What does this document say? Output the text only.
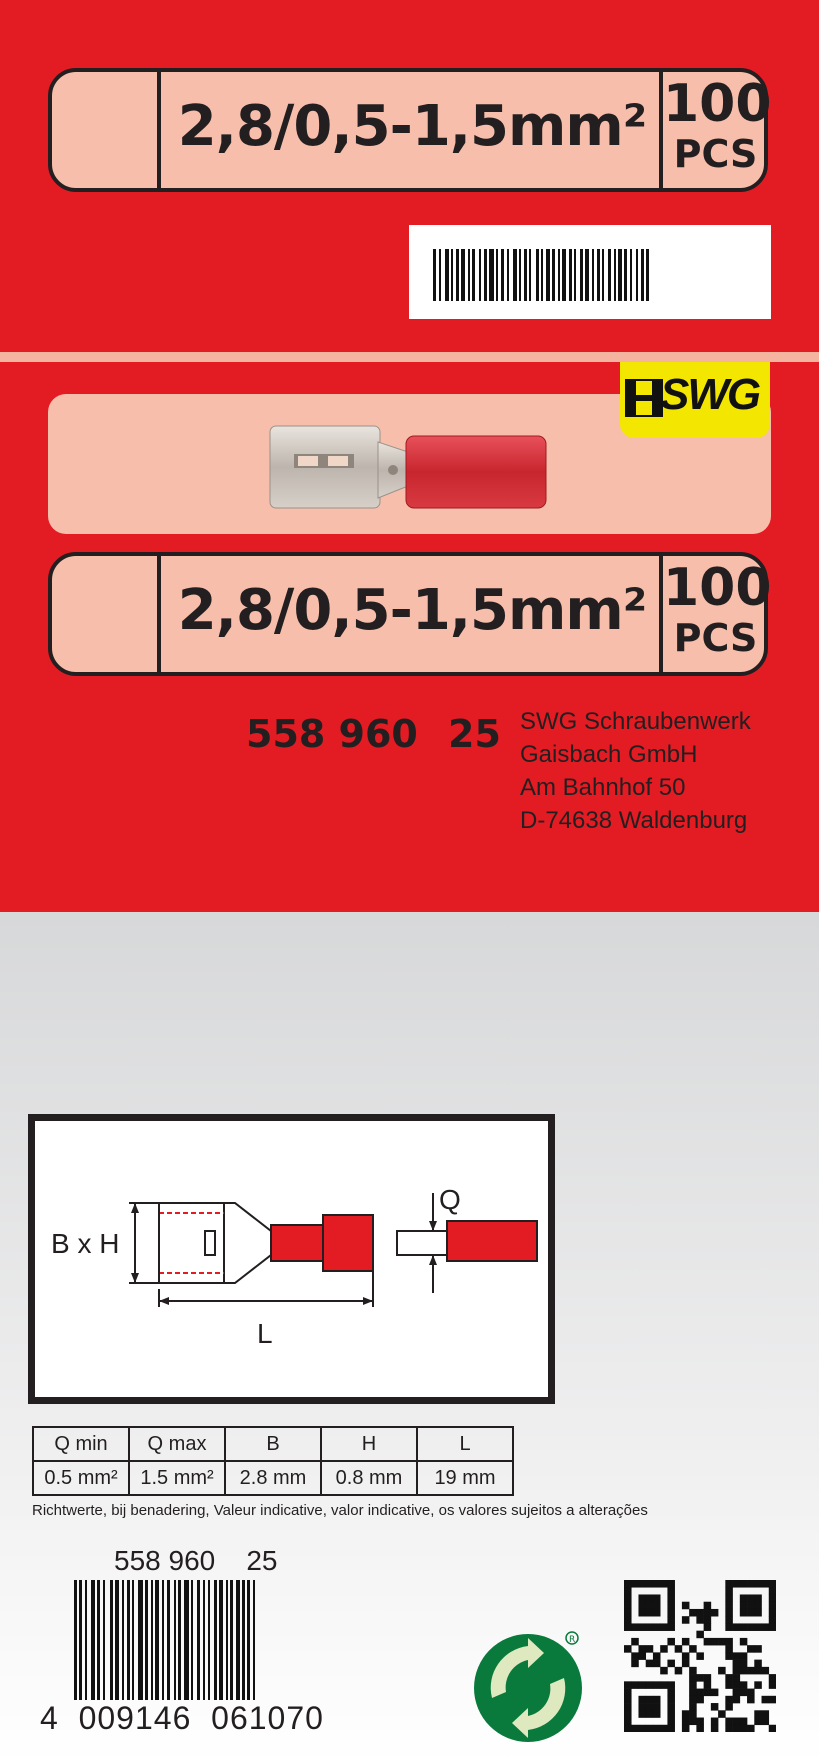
2,8/0,5-1,5mm² 100
PCS
SWG
2,8/0,5-1,5mm² 100
PCS
558 960 25 SWG Schraubenwerk
Gaisbach GmbH
Am Bahnhof 50
D-74638 Waldenburg
B x H
L
Q
Q min	Q max	B	H	L
0.5 mm²	1.5 mm²	2.8 mm	0.8 mm	19 mm
Richtwerte, bij benadering, Valeur indicative, valor indicative, os valores sujeitos a alterações
558 960    25
4  009146  061070
R
